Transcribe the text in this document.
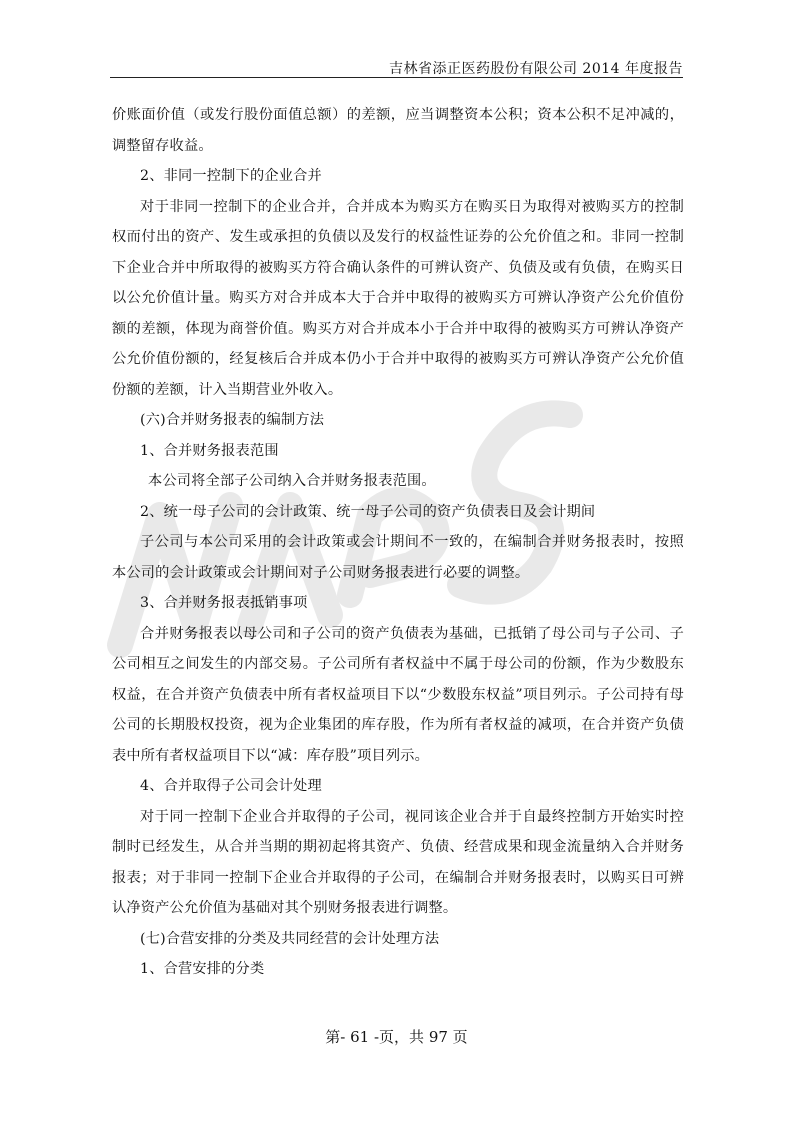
吉林省添正医药股份有限公司 2014 年度报告

价账面价值（或发行股份面值总额）的差额，应当调整资本公积；资本公积不足冲减的，调整留存收益。

2、非同一控制下的企业合并

对于非同一控制下的企业合并，合并成本为购买方在购买日为取得对被购买方的控制权而付出的资产、发生或承担的负债以及发行的权益性证券的公允价值之和。非同一控制下企业合并中所取得的被购买方符合确认条件的可辨认资产、负债及或有负债，在购买日以公允价值计量。购买方对合并成本大于合并中取得的被购买方可辨认净资产公允价值份额的差额，体现为商誉价值。购买方对合并成本小于合并中取得的被购买方可辨认净资产公允价值份额的，经复核后合并成本仍小于合并中取得的被购买方可辨认净资产公允价值份额的差额，计入当期营业外收入。

(六)合并财务报表的编制方法

1、合并财务报表范围

本公司将全部子公司纳入合并财务报表范围。

2、统一母子公司的会计政策、统一母子公司的资产负债表日及会计期间

子公司与本公司采用的会计政策或会计期间不一致的，在编制合并财务报表时，按照本公司的会计政策或会计期间对子公司财务报表进行必要的调整。

3、合并财务报表抵销事项

合并财务报表以母公司和子公司的资产负债表为基础，已抵销了母公司与子公司、子公司相互之间发生的内部交易。子公司所有者权益中不属于母公司的份额，作为少数股东权益，在合并资产负债表中所有者权益项目下以“少数股东权益”项目列示。子公司持有母公司的长期股权投资，视为企业集团的库存股，作为所有者权益的减项，在合并资产负债表中所有者权益项目下以“减：库存股”项目列示。

4、合并取得子公司会计处理

对于同一控制下企业合并取得的子公司，视同该企业合并于自最终控制方开始实时控制时已经发生，从合并当期的期初起将其资产、负债、经营成果和现金流量纳入合并财务报表；对于非同一控制下企业合并取得的子公司，在编制合并财务报表时，以购买日可辨认净资产公允价值为基础对其个别财务报表进行调整。

(七)合营安排的分类及共同经营的会计处理方法

1、合营安排的分类

第- 61 -页，共 97 页
